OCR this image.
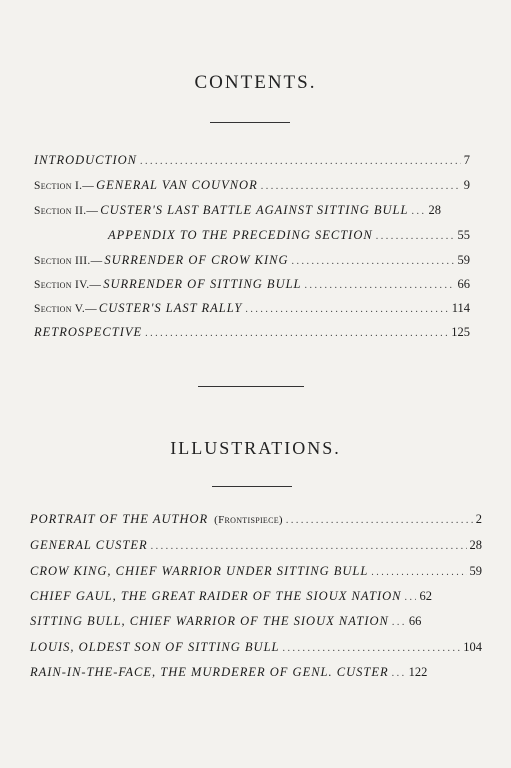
CONTENTS.
INTRODUCTION .....	7
Section I.— GENERAL VAN COUVNOR .....	9
Section II.— CUSTER'S LAST BATTLE AGAINST SITTING BULL ..... 28
APPENDIX TO THE PRECEDING SECTION .....	55
Section III.— SURRENDER OF CROW KING .....	59
Section IV.— SURRENDER OF SITTING BULL .....	66
Section V.— CUSTER'S LAST RALLY .....	114
RETROSPECTIVE .....	125
ILLUSTRATIONS.
PORTRAIT OF THE AUTHOR (Frontispiece) .....	2
GENERAL CUSTER .....	28
CROW KING, CHIEF WARRIOR UNDER SITTING BULL .....	59
CHIEF GAUL, THE GREAT RAIDER OF THE SIOUX NATION ..... 62
SITTING BULL, CHIEF WARRIOR OF THE SIOUX NATION ..... 66
LOUIS, OLDEST SON OF SITTING BULL .....	104
RAIN-IN-THE-FACE, THE MURDERER OF GENL. CUSTER ..... 122
